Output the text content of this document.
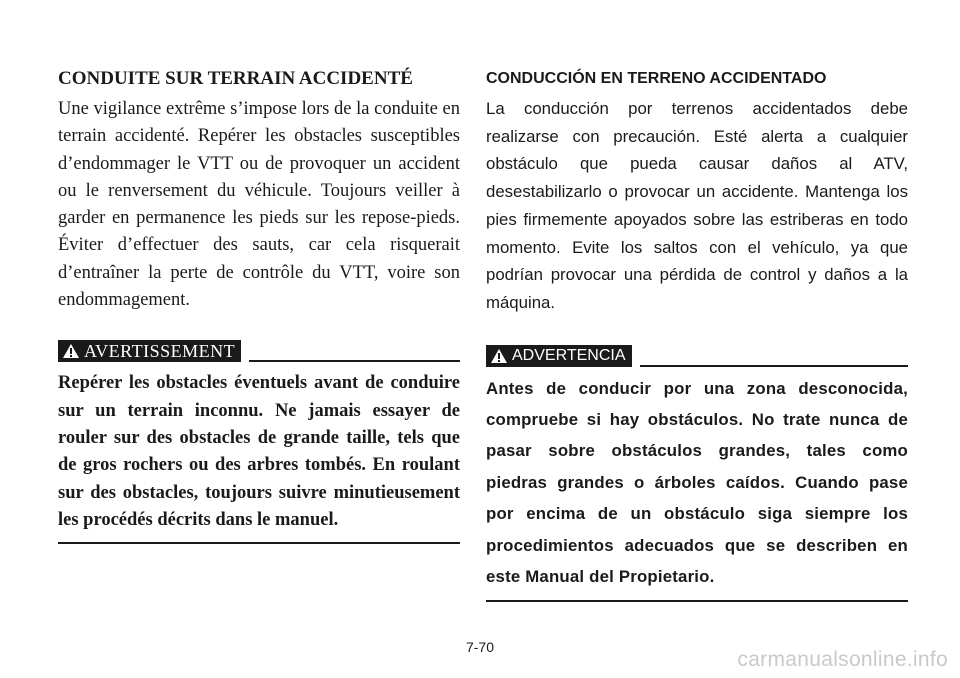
CONDUITE SUR TERRAIN ACCIDENTÉ

Une vigilance extrême s’impose lors de la conduite en terrain accidenté. Repérer les obstacles susceptibles d’endommager le VTT ou de provoquer un accident ou le renversement du véhicule. Toujours veiller à garder en permanence les pieds sur les repose-pieds. Éviter d’effectuer des sauts, car cela risquerait d’entraîner la perte de contrôle du VTT, voire son endommagement.

AVERTISSEMENT

Repérer les obstacles éventuels avant de conduire sur un terrain inconnu. Ne jamais essayer de rouler sur des obstacles de grande taille, tels que de gros rochers ou des arbres tombés. En roulant sur des obstacles, toujours suivre minutieusement les procédés décrits dans le manuel.

CONDUCCIÓN EN TERRENO ACCIDENTADO

La conducción por terrenos accidentados debe realizarse con precaución. Esté alerta a cualquier obstáculo que pueda causar daños al ATV, desestabilizarlo o provocar un accidente. Mantenga los pies firmemente apoyados sobre las estriberas en todo momento. Evite los saltos con el vehículo, ya que podrían provocar una pérdida de control y daños a la máquina.

ADVERTENCIA

Antes de conducir por una zona desconocida, compruebe si hay obstáculos. No trate nunca de pasar sobre obstáculos grandes, tales como piedras grandes o árboles caídos. Cuando pase por encima de un obstáculo siga siempre los procedimientos adecuados que se describen en este Manual del Propietario.

7-70
carmanualsonline.info
